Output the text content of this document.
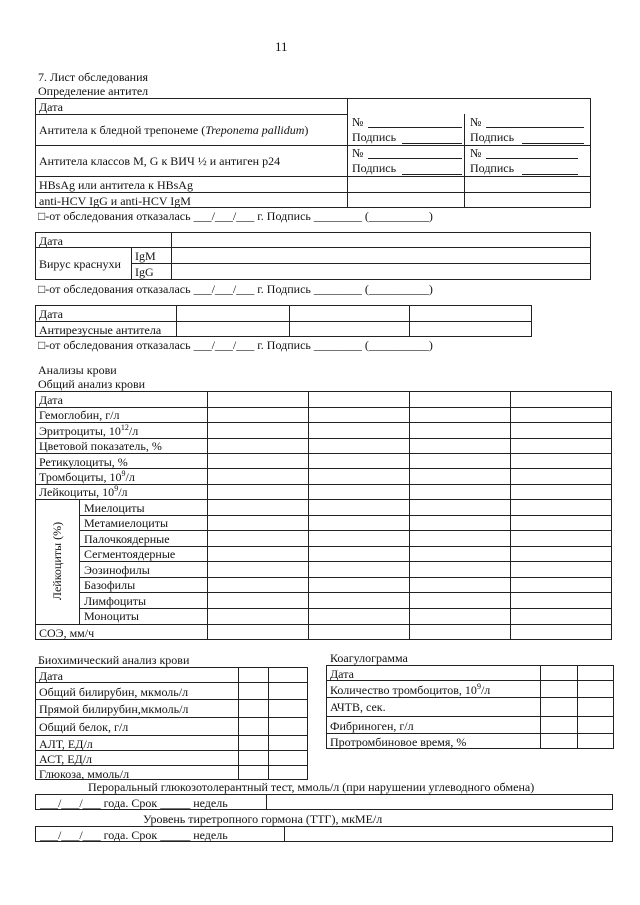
11
7. Лист обследования
Определение антител
Дата
Антитела к бледной трепонеме (Treponema pallidum)
Антитела классов M, G к ВИЧ ½ и антиген р24
HBsAg или антитела к HBsAg
anti-HCV IgG и anti-HCV IgM
№
Подпись
№
Подпись
№
Подпись
№
Подпись
□-от обследования отказалась ___/___/___ г. Подпись ________ (__________)
Дата
Вирус краснухи
IgM
IgG
□-от обследования отказалась ___/___/___ г. Подпись ________ (__________)
Дата
Антирезусные антитела
□-от обследования отказалась ___/___/___ г. Подпись ________ (__________)
Анализы крови
Общий анализ крови
Дата
Гемоглобин, г/л
Эритроциты, $10^{12}/л$
Цветовой показатель, %
Ретикулоциты, %
Тромбоциты, $10^9/л$
Лейкоциты, $10^9/л$
Лейкоциты (%)
Миелоциты
Метамиелоциты
Палочкоядерные
Сегментоядерные
Эозинофилы
Базофилы
Лимфоциты
Моноциты
СОЭ, мм/ч
Биохимический анализ крови
Дата
Общий билирубин, мкмоль/л
Прямой билирубин,мкмоль/л
Общий белок, г/л
АЛТ, ЕД/л
АСТ, ЕД/л
Глюкоза, ммоль/л
Коагулограмма
Дата
Количество тромбоцитов, $10^9/л$
АЧТВ, сек.
Фибриноген, г/л
Протромбиновое время, %
Пероральный глюкозотолерантный тест, ммоль/л (при нарушении углеводного обмена)
___/___/___ года. Срок _____ недель
Уровень тиретропного гормона (ТТГ), мкМЕ/л
___/___/___ года. Срок _____ недель
